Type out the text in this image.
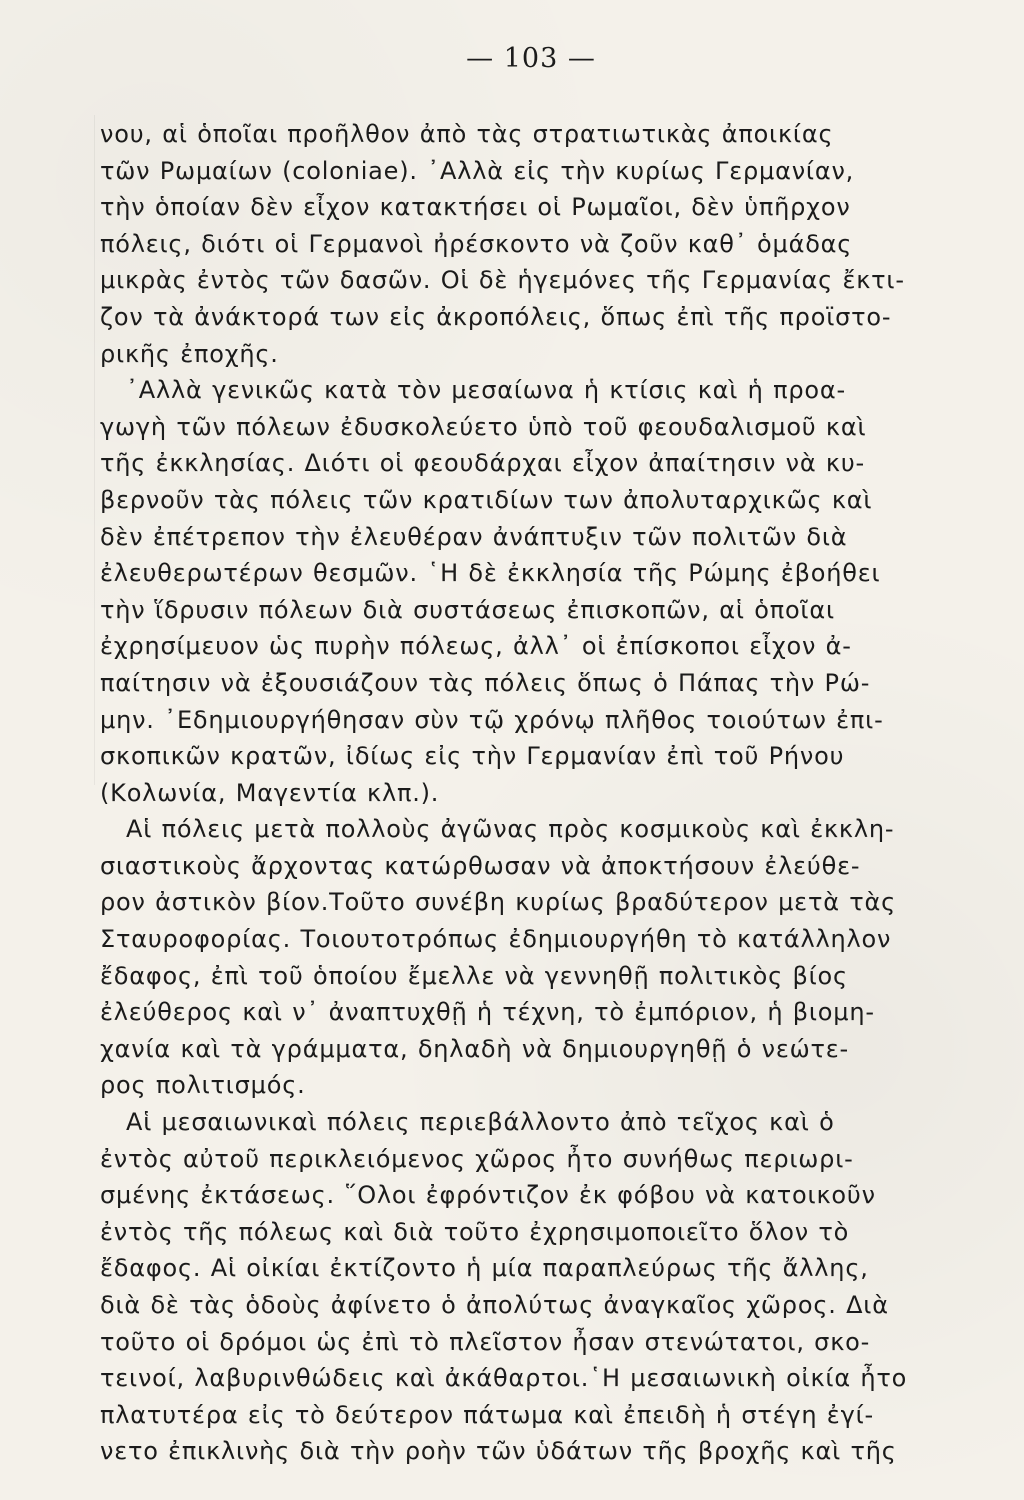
— 103 —
νου, αἱ ὁποῖαι προῆλθον ἀπὸ τὰς στρατιωτικὰς ἀποικίας
τῶν Ρωμαίων (coloniae). ᾿Αλλὰ εἰς τὴν κυρίως Γερμανίαν,
τὴν ὁποίαν δὲν εἶχον κατακτήσει οἱ Ρωμαῖοι, δὲν ὑπῆρχον
πόλεις, διότι οἱ Γερμανοὶ ἠρέσκοντο νὰ ζοῦν καθ᾿ ὁμάδας
μικρὰς ἐντὸς τῶν δασῶν. Οἱ δὲ ἡγεμόνες τῆς Γερμανίας ἔκτι-
ζον τὰ ἀνάκτορά των εἰς ἀκροπόλεις, ὅπως ἐπὶ τῆς προϊστο-
ρικῆς ἐποχῆς.
᾿Αλλὰ γενικῶς κατὰ τὸν μεσαίωνα ἡ κτίσις καὶ ἡ προα-
γωγὴ τῶν πόλεων ἐδυσκολεύετο ὑπὸ τοῦ φεουδαλισμοῦ καὶ
τῆς ἐκκλησίας. Διότι οἱ φεουδάρχαι εἶχον ἀπαίτησιν νὰ κυ-
βερνοῦν τὰς πόλεις τῶν κρατιδίων των ἀπολυταρχικῶς καὶ
δὲν ἐπέτρεπον τὴν ἐλευθέραν ἀνάπτυξιν τῶν πολιτῶν διὰ
ἐλευθερωτέρων θεσμῶν. ῾Η δὲ ἐκκλησία τῆς Ρώμης ἐβοήθει
τὴν ἵδρυσιν πόλεων διὰ συστάσεως ἐπισκοπῶν, αἱ ὁποῖαι
ἐχρησίμευον ὡς πυρὴν πόλεως, ἀλλ᾿ οἱ ἐπίσκοποι εἶχον ἀ-
παίτησιν νὰ ἐξουσιάζουν τὰς πόλεις ὅπως ὁ Πάπας τὴν Ρώ-
μην. ᾿Εδημιουργήθησαν σὺν τῷ χρόνῳ πλῆθος τοιούτων ἐπι-
σκοπικῶν κρατῶν, ἰδίως εἰς τὴν Γερμανίαν ἐπὶ τοῦ Ρήνου
(Κολωνία, Μαγεντία κλπ.).
Αἱ πόλεις μετὰ πολλοὺς ἀγῶνας πρὸς κοσμικοὺς καὶ ἐκκλη-
σιαστικοὺς ἄρχοντας κατώρθωσαν νὰ ἀποκτήσουν ἐλεύθε-
ρον ἀστικὸν βίον.Τοῦτο συνέβη κυρίως βραδύτερον μετὰ τὰς
Σταυροφορίας. Τοιουτοτρόπως ἐδημιουργήθη τὸ κατάλληλον
ἔδαφος, ἐπὶ τοῦ ὁποίου ἔμελλε νὰ γεννηθῇ πολιτικὸς βίος
ἐλεύθερος καὶ ν᾿ ἀναπτυχθῇ ἡ τέχνη, τὸ ἐμπόριον, ἡ βιομη-
χανία καὶ τὰ γράμματα, δηλαδὴ νὰ δημιουργηθῇ ὁ νεώτε-
ρος πολιτισμός.
Αἱ μεσαιωνικαὶ πόλεις περιεβάλλοντο ἀπὸ τεῖχος καὶ ὁ
ἐντὸς αὐτοῦ περικλειόμενος χῶρος ἦτο συνήθως περιωρι-
σμένης ἐκτάσεως. ῞Ολοι ἐφρόντιζον ἐκ φόβου νὰ κατοικοῦν
ἐντὸς τῆς πόλεως καὶ διὰ τοῦτο ἐχρησιμοποιεῖτο ὅλον τὸ
ἔδαφος. Αἱ οἰκίαι ἐκτίζοντο ἡ μία παραπλεύρως τῆς ἄλλης,
διὰ δὲ τὰς ὁδοὺς ἀφίνετο ὁ ἀπολύτως ἀναγκαῖος χῶρος. Διὰ
τοῦτο οἱ δρόμοι ὡς ἐπὶ τὸ πλεῖστον ἦσαν στενώτατοι, σκο-
τεινοί, λαβυρινθώδεις καὶ ἀκάθαρτοι.῾Η μεσαιωνικὴ οἰκία ἦτο
πλατυτέρα εἰς τὸ δεύτερον πάτωμα καὶ ἐπειδὴ ἡ στέγη ἐγί-
νετο ἐπικλινὴς διὰ τὴν ροὴν τῶν ὑδάτων τῆς βροχῆς καὶ τῆς
